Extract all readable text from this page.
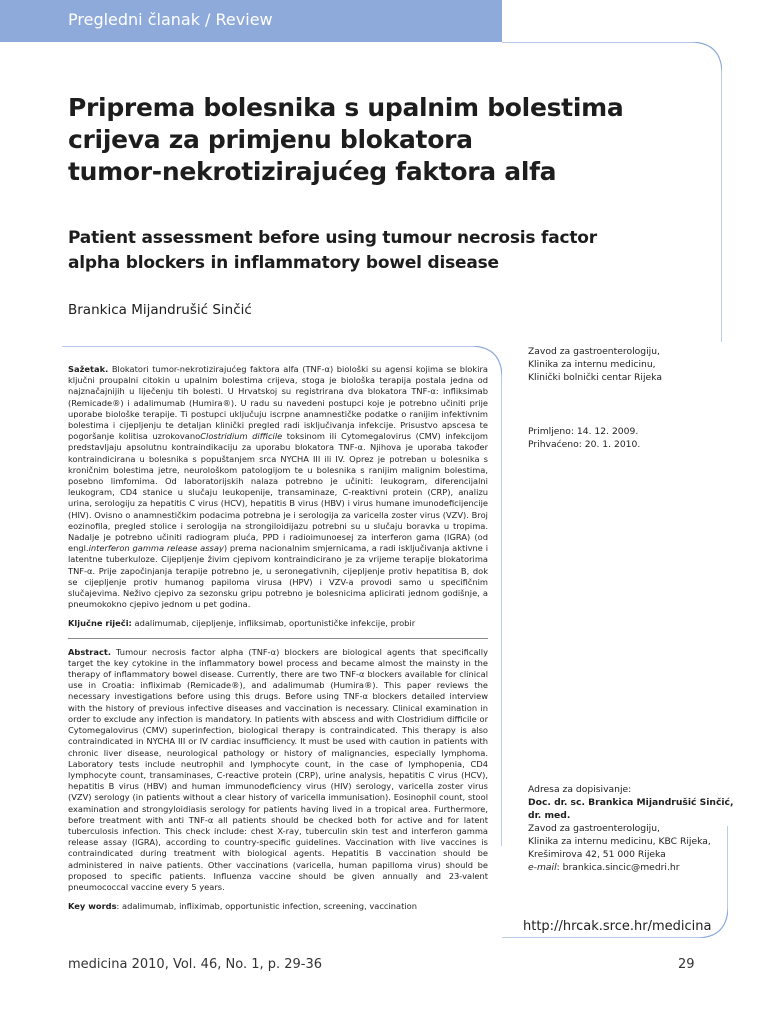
Pregledni članak / Review
Priprema bolesnika s upalnim bolestima
crijeva za primjenu blokatora
tumor-nekrotizirajućeg faktora alfa
Patient assessment before using tumour necrosis factor
alpha blockers in inflammatory bowel disease
Brankica Mijandrušić Sinčić

Sažetak. Blokatori tumor-nekrotizirajućeg faktora alfa (TNF-α) biološki su agensi kojima se blokira ključni proupalni citokin u upalnim bolestima crijeva, stoga je biološka terapija postala jedna od najznačajnijih u liječenju tih bolesti. U Hrvatskoj su registrirana dva blokatora TNF-α: infliksimab (Remicade®) i adalimumab (Humira®). U radu su navedeni postupci koje je potrebno učiniti prije uporabe biološke terapije. Ti postupci uključuju iscrpne anamnestičke podatke o ranijim infektivnim bolestima i cijepljenju te detaljan klinički pregled radi isključivanja infekcije. Prisustvo apscesa te pogoršanje kolitisa uzrokovanoClostridium difficile toksinom ili Cytomegalovirus (CMV) infekcijom predstavljaju apsolutnu kontraindikaciju za uporabu blokatora TNF-α. Njihova je uporaba također kontraindicirana u bolesnika s popuštanjem srca NYCHA III ili IV. Oprez je potreban u bolesnika s kroničnim bolestima jetre, neurološkom patologijom te u bolesnika s ranijim malignim bolestima, posebno limfomima. Od laboratorijskih nalaza potrebno je učiniti: leukogram, diferencijalni leukogram, CD4 stanice u slučaju leukopenije, transaminaze, C-reaktivni protein (CRP), analizu urina, serologiju za hepatitis C virus (HCV), hepatitis B virus (HBV) i virus humane imunodeficijencije (HIV). Ovisno o anamnestičkim podacima potrebna je i serologija za varicella zoster virus (VZV). Broj eozinofila, pregled stolice i serologija na strongiloidijazu potrebni su u slučaju boravka u tropima. Nadalje je potrebno učiniti radiogram pluća, PPD i radioimunoesej za interferon gama (IGRA) (od engl.interferon gamma release assay) prema nacionalnim smjernicama, a radi isključivanja aktivne i latentne tuberkuloze. Cijepljenje živim cjepivom kontraindicirano je za vrijeme terapije blokatorima TNF-α. Prije započinjanja terapije potrebno je, u seronegativnih, cijepljenje protiv hepatitisa B, dok se cijepljenje protiv humanog papiloma virusa (HPV) i VZV-a provodi samo u specifičnim slučajevima. Neživo cjepivo za sezonsku gripu potrebno je bolesnicima aplicirati jednom godišnje, a pneumokokno cjepivo jednom u pet godina.

Ključne riječi: adalimumab, cijepljenje, infliksimab, oportunističke infekcije, probir

Abstract. Tumour necrosis factor alpha (TNF-α) blockers are biological agents that specifically target the key cytokine in the inflammatory bowel process and became almost the mainsty in the therapy of inflammatory bowel disease. Currently, there are two TNF-α blockers available for clinical use in Croatia: infliximab (Remicade®), and adalimumab (Humira®). This paper reviews the necessary investigations before using this drugs. Before using TNF-α blockers detailed interview with the history of previous infective diseases and vaccination is necessary. Clinical examination in order to exclude any infection is mandatory. In patients with abscess and with Clostridium difficile or Cytomegalovirus (CMV) superinfection, biological therapy is contraindicated. This therapy is also contraindicated in NYCHA III or IV cardiac insufficiency. It must be used with caution in patients with chronic liver disease, neurological pathology or history of malignancies, especially lymphoma. Laboratory tests include neutrophil and lymphocyte count, in the case of lymphopenia, CD4 lymphocyte count, transaminases, C-reactive protein (CRP), urine analysis, hepatitis C virus (HCV), hepatitis B virus (HBV) and human immunodeficiency virus (HIV) serology, varicella zoster virus (VZV) serology (in patients without a clear history of varicella immunisation). Eosinophil count, stool examination and strongyloidiasis serology for patients having lived in a tropical area. Furthermore, before treatment with anti TNF-α all patients should be checked both for active and for latent tuberculosis infection. This check include: chest X-ray, tuberculin skin test and interferon gamma release assay (IGRA), according to country-specific guidelines. Vaccination with live vaccines is contraindicated during treatment with biological agents. Hepatitis B vaccination should be administered in naive patients. Other vaccinations (varicella, human papilloma virus) should be proposed to specific patients. Influenza vaccine should be given annually and 23-valent pneumococcal vaccine every 5 years.

Key words: adalimumab, infliximab, opportunistic infection, screening, vaccination

Zavod za gastroenterologiju,
Klinika za internu medicinu,
Klinički bolnički centar Rijeka
Primljeno: 14. 12. 2009.
Prihvaćeno: 20. 1. 2010.
Adresa za dopisivanje:
Doc. dr. sc. Brankica Mijandrušić Sinčić,
dr. med.
Zavod za gastroenterologiju,
Klinika za internu medicinu, KBC Rijeka,
Krešimirova 42, 51 000 Rijeka
e-mail: brankica.sincic@medri.hr
http://hrcak.srce.hr/medicina
medicina 2010, Vol. 46, No. 1, p. 29-36	29
